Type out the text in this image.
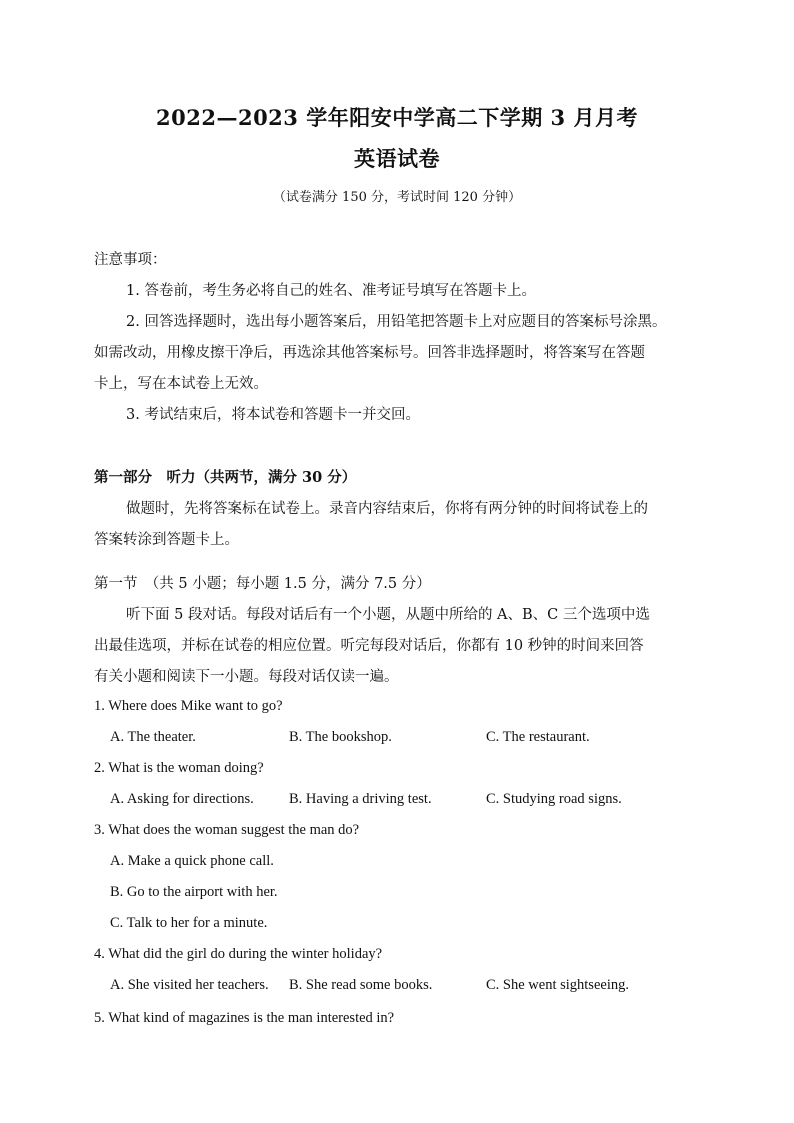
2022—2023 学年阳安中学高二下学期 3 月月考
英语试卷
（试卷满分 150 分，考试时间 120 分钟）
注意事项：
1. 答卷前，考生务必将自己的姓名、准考证号填写在答题卡上。
2. 回答选择题时，选出每小题答案后，用铅笔把答题卡上对应题目的答案标号涂黑。
如需改动，用橡皮擦干净后，再选涂其他答案标号。回答非选择题时，将答案写在答题
卡上，写在本试卷上无效。
3. 考试结束后，将本试卷和答题卡一并交回。
第一部分　听力（共两节，满分 30 分）
做题时，先将答案标在试卷上。录音内容结束后，你将有两分钟的时间将试卷上的
答案转涂到答题卡上。
第一节　（共 5 小题；每小题 1.5 分，满分 7.5 分）
听下面 5 段对话。每段对话后有一个小题，从题中所给的 A、B、C 三个选项中选
出最佳选项，并标在试卷的相应位置。听完每段对话后，你都有 10 秒钟的时间来回答
有关小题和阅读下一小题。每段对话仅读一遍。
1. Where does Mike want to go?
A. The theater.	B. The bookshop.	C. The restaurant.
2. What is the woman doing?
A. Asking for directions. B. Having a driving test.	C. Studying road signs.
3. What does the woman suggest the man do?
A. Make a quick phone call.
B. Go to the airport with her.
C. Talk to her for a minute.
4. What did the girl do during the winter holiday?
A. She visited her teachers. B. She read some books.	C. She went sightseeing.
5. What kind of magazines is the man interested in?
